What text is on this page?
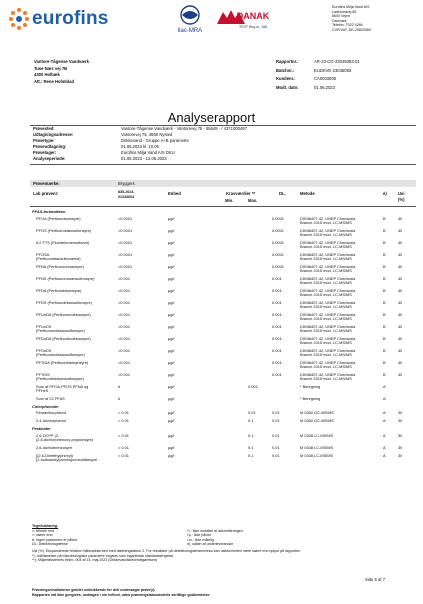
eurofins
ilac-MRA
DANAK
TEST Reg.nr. 168
Eurofins Miljø Vand A/S
Ladelundvej 85
6600 Vejen
Danmark
Telefon: 7022 4266
CVR/VAT: DK-29820069
Vantore-Tågense Vandværk
Tuse Næs vej 7B
4300 Holbæk
Att.: Rene Holmblad
Rapportnr.:	AR-23-CG-23045083-01
Batchnr.:	EUDKVE-23045083
Kundenr.:	CA0003605
Modt. dato:	01.06.2023
Analyserapport
Prøvested:	Vantore-Tågense Vandværk - Vantorevej 75 - 55648 - / 4371000497
Udtagningsadresse:	Vantorevej 75, 4660 Nysted
Prøvetype:	Drikkevand - Gruppe A+B parametre
Prøveudtagning:	01.06.2023 kl. 10.05
Prøvetager:	Eurofins Miljø Vand A/S DKU
Analyseperiode:	01.06.2023 - 12.06.2023
Prøvemærke:	Bryggers
Lab prøvenr:	835-2023-
01233604
Enhed	Kravværdier **
Min.	Max.
DL.	Metode	e)	Usi
(%)
PFAS-forbindelser
PFOA (Perfluoroktansyre)	<0.0001	µg/l	0.0001	DIN38407-42, UNEP Chemicals
Branch 2015 mod. LC-MS/MS
B	40
PFOS (Perfluoroktansulfonsyre)	<0.0001	µg/l	0.0001	DIN38407-42, UNEP Chemicals
Branch 2015 mod. LC-MS/MS
B	40
6:2 FTS (Fluortelomersulfonat)	<0.0001	µg/l	0.0001	DIN38407-42, UNEP Chemicals
Branch 2015 mod. LC-MS/MS
B	40
PFOSA
(Perfluoroktansulfonamid)
<0.0001	µg/l	0.0001	DIN38407-42, UNEP Chemicals
Branch 2015 mod. LC-MS/MS
B	40
PFNA (Perfluorononansyre)	<0.0001	µg/l	0.0001	DIN38407-42, UNEP Chemicals
Branch 2015 mod. LC-MS/MS
B	40
PFNS (Perfluorononansulfonsyre)	<0.001	µg/l	0.001	DIN38407-42, UNEP Chemicals
Branch 2015 mod. LC-MS/MS
B	40
PFDA (Perfluordekansyre)	<0.001	µg/l	0.001	DIN38407-42, UNEP Chemicals
Branch 2015 mod. LC-MS/MS
B	40
PFDS (Perfluordekansulfonsyre)	<0.001	µg/l	0.001	DIN38407-42, UNEP Chemicals
Branch 2015 mod. LC-MS/MS
B	40
PFUnDA (Perfluorundekansyre)	<0.001	µg/l	0.001	DIN38407-42, UNEP Chemicals
Branch 2015 mod. LC-MS/MS
B	40
PFUnDS
(Perfluorundekansulfonsyre)
<0.001	µg/l	0.001	DIN38407-42, UNEP Chemicals
Branch 2015 mod. LC-MS/MS
B	40
PFDoDA (Perfluordodekansyre)	<0.001	µg/l	0.001	DIN38407-42, UNEP Chemicals
Branch 2015 mod. LC-MS/MS
B	40
PFDoDS
(Perfluordodekansulfonsyre)
<0.001	µg/l	0.001	DIN38407-42, UNEP Chemicals
Branch 2015 mod. LC-MS/MS
B	40
PFTrDA (Perfluortridekansyre)	<0.001	µg/l	0.001	DIN38407-42, UNEP Chemicals
Branch 2015 mod. LC-MS/MS
B	40
PFTrDS
(Perfluortridekansulfonsyre)
<0.001	µg/l	0.001	DIN38407-42, UNEP Chemicals
Branch 2015 mod. LC-MS/MS
B	40
Sum af PFOA,PFOS,PFNA og
PFHxS
#	µg/l	0.002	* Beregning	A
Sum af 22 PFAS	#	µg/l	* Beregning	A
Chlorphenoler
Pentachlorphenol	< 0.01	µg/l	0.01	0.01	M 0352 GC-MS/MS	A	30
2,4-dichlorphenol	< 0.01	µg/l	0.1	0.01	M 0352 GC-MS/MS	A	30
Pesticider
2,6-DCPP (2-
(2,6-dichlorphenoxy-propionsyre)
< 0.01	µg/l	0.1	0.01	M 0338 LC-MS/MS	A	30
2,6-dichlorbenzosyre	< 0.01	µg/l	0.1	0.01	M 0338 LC-MS/MS	A	30
[(2,6-Dimethylphenyl)
(2-sulfoacetyl)amino]oxoeddikesyre
< 0.01	µg/l	0.1	0.01	M 0338 LC-MS/MS	A	30
Tegnforklaring:
<: Mindre end	*) : Ikke omfattet af akkrediteringen
>: større end	i.p.: Ikke påvist
#: Ingen parametre er påvist	i.m.: Ikke målelig
DL: Detektionsgrænse	e): udført af underleverandør
Usi (%): Ekspanderede relative måleusikkerhed med dækningsfaktor 2. For resultater på detektionsgrænseniveau kan usikkerheden være større end oplyst på rapporten.
*): Udtillønelser på mikrobiologiske parametre angives som logaritmisk standardafvigelse
**): Miljøministeriets bekm. 904 af 14. maj 2023 (Drikkevandsbekendtgørelsen)
Prøvningsresultaterne gælder udelukkende for det/ undersøgte prøve(r).
Rapporten må ikke gengives, undtagen i sin helhed, uden prøvningslaboratoriets skriftlige godkendelse.
Side 5 af 7
